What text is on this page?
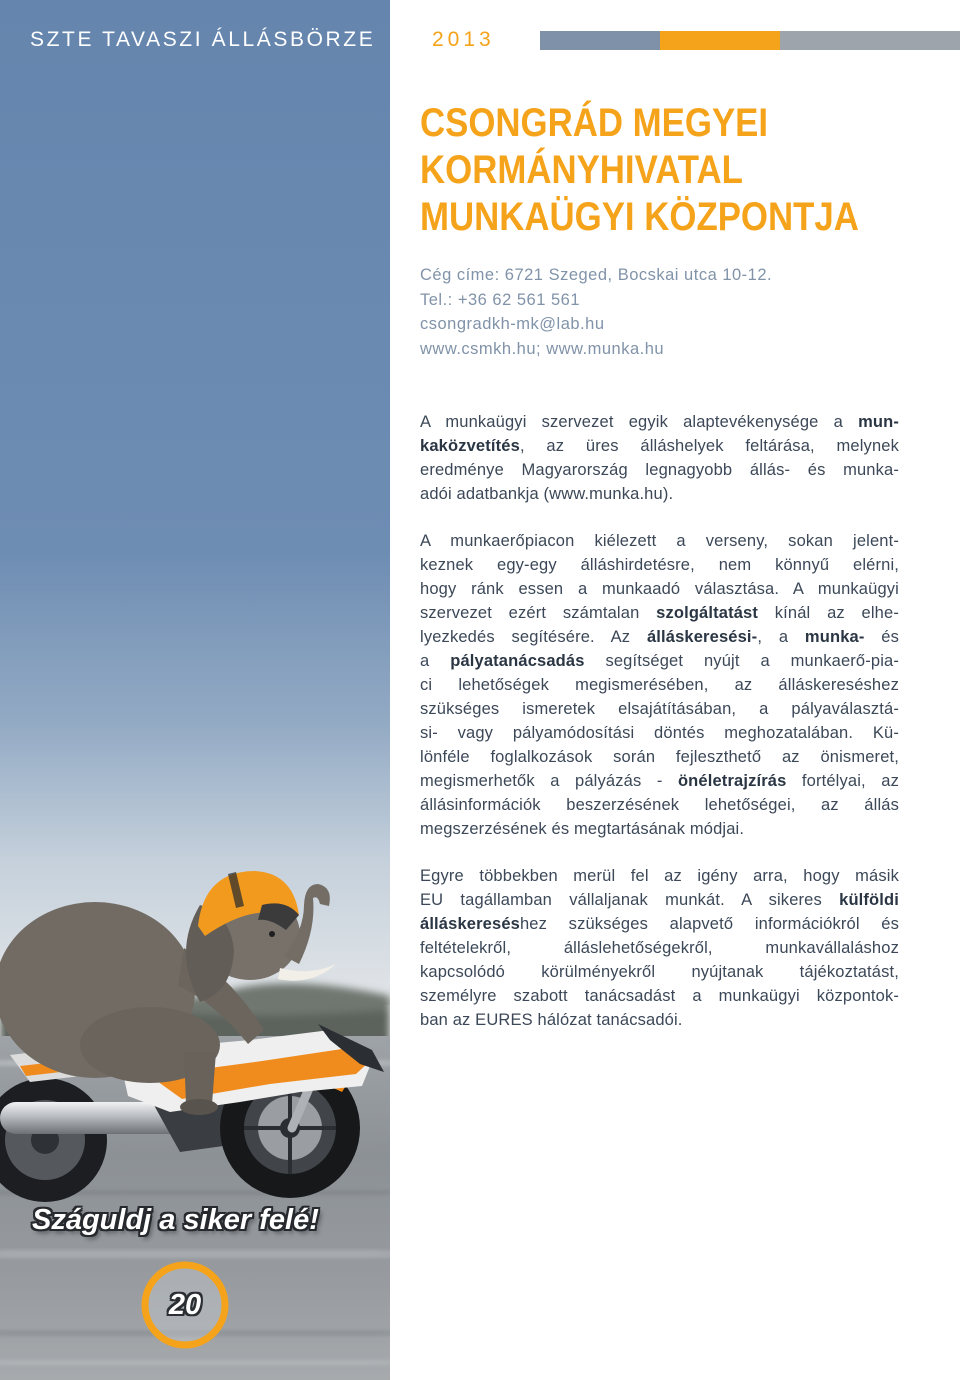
Száguldj a siker felé!
20
SZTE TAVASZI ÁLLÁSBÖRZE	2013
CSONGRÁD MEGYEI
KORMÁNYHIVATAL
MUNKAÜGYI KÖZPONTJA
Cég címe: 6721 Szeged, Bocskai utca 10-12.
Tel.: +36 62 561 561
csongradkh-mk@lab.hu
www.csmkh.hu; www.munka.hu
A munkaügyi szervezet egyik alaptevékenysége a mun-
kaközvetítés, az üres álláshelyek feltárása, melynek
eredménye Magyarország legnagyobb állás- és munka-
adói adatbankja (www.munka.hu).
A munkaerőpiacon kiélezett a verseny, sokan jelent-
keznek egy-egy álláshirdetésre, nem könnyű elérni,
hogy ránk essen a munkaadó választása. A munkaügyi
szervezet ezért számtalan szolgáltatást kínál az elhe-
lyezkedés segítésére. Az álláskeresési-, a munka- és
a pályatanácsadás segítséget nyújt a munkaerő-pia-
ci lehetőségek megismerésében, az álláskereséshez
szükséges ismeretek elsajátításában, a pályaválasztá-
si- vagy pályamódosítási döntés meghozatalában. Kü-
lönféle foglalkozások során fejleszthető az önismeret,
megismerhetők a pályázás - önéletrajzírás fortélyai, az
állásinformációk beszerzésének lehetőségei, az állás
megszerzésének és megtartásának módjai.
Egyre többekben merül fel az igény arra, hogy másik
EU tagállamban vállaljanak munkát. A sikeres külföldi
álláskereséshez szükséges alapvető információkról és
feltételekről, álláslehetőségekről, munkavállaláshoz
kapcsolódó körülményekről nyújtanak tájékoztatást,
személyre szabott tanácsadást a munkaügyi központok-
ban az EURES hálózat tanácsadói.
